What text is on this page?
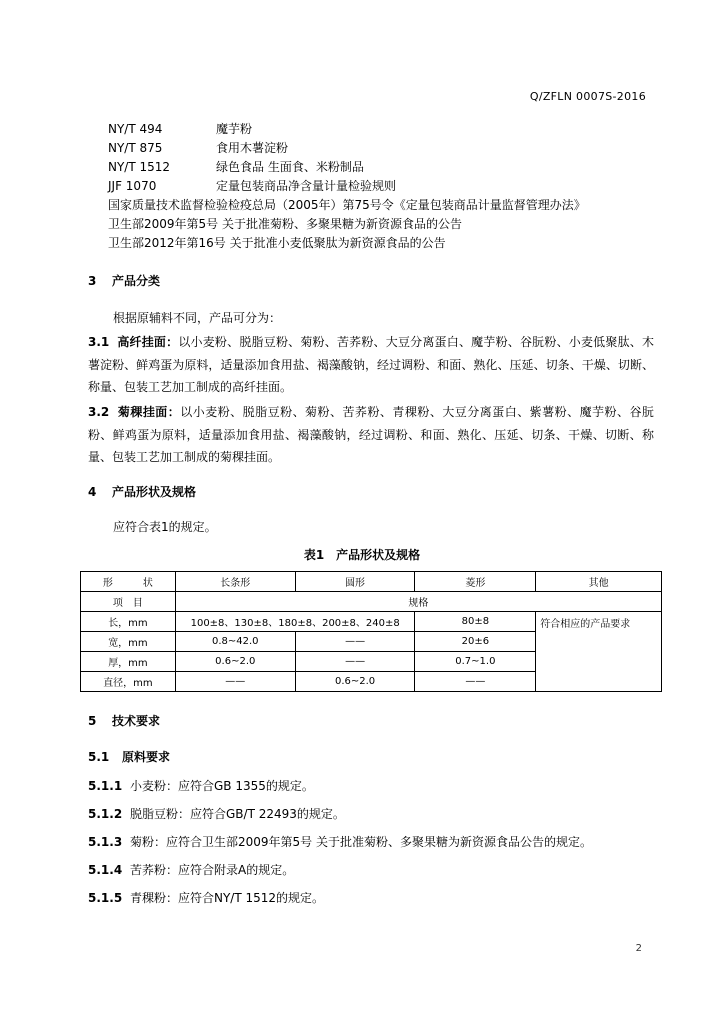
Q/ZFLN 0007S-2016
NY/T 494	魔芋粉
NY/T 875	食用木薯淀粉
NY/T 1512	绿色食品 生面食、米粉制品
JJF 1070	定量包装商品净含量计量检验规则
国家质量技术监督检验检疫总局（2005年）第75号令《定量包装商品计量监督管理办法》
卫生部2009年第5号 关于批准菊粉、多聚果糖为新资源食品的公告
卫生部2012年第16号 关于批准小麦低聚肽为新资源食品的公告
3 产品分类
根据原辅料不同，产品可分为：
3.1 高纤挂面：以小麦粉、脱脂豆粉、菊粉、苦荞粉、大豆分离蛋白、魔芋粉、谷朊粉、小麦低聚肽、木薯淀粉、鲜鸡蛋为原料，适量添加食用盐、褐藻酸钠，经过调粉、和面、熟化、压延、切条、干燥、切断、称量、包装工艺加工制成的高纤挂面。
3.2 菊稞挂面：以小麦粉、脱脂豆粉、菊粉、苦荞粉、青稞粉、大豆分离蛋白、紫薯粉、魔芋粉、谷朊粉、鲜鸡蛋为原料，适量添加食用盐、褐藻酸钠，经过调粉、和面、熟化、压延、切条、干燥、切断、称量、包装工艺加工制成的菊稞挂面。
4 产品形状及规格
应符合表1的规定。
表1　产品形状及规格
形　　　状	长条形	圆形	菱形	其他
项　目	规格			
长，mm	100±8、130±8、180±8、200±8、240±8		80±8	符合相应的产品要求
宽，mm	0.8~42.0	——	20±6	
厚，mm	0.6~2.0	——	0.7~1.0	
直径，mm	——	0.6~2.0	——	
5 技术要求
5.1 原料要求
5.1.1 小麦粉：应符合GB 1355的规定。
5.1.2 脱脂豆粉：应符合GB/T 22493的规定。
5.1.3 菊粉：应符合卫生部2009年第5号 关于批准菊粉、多聚果糖为新资源食品公告的规定。
5.1.4 苦荞粉：应符合附录A的规定。
5.1.5 青稞粉：应符合NY/T 1512的规定。
2
